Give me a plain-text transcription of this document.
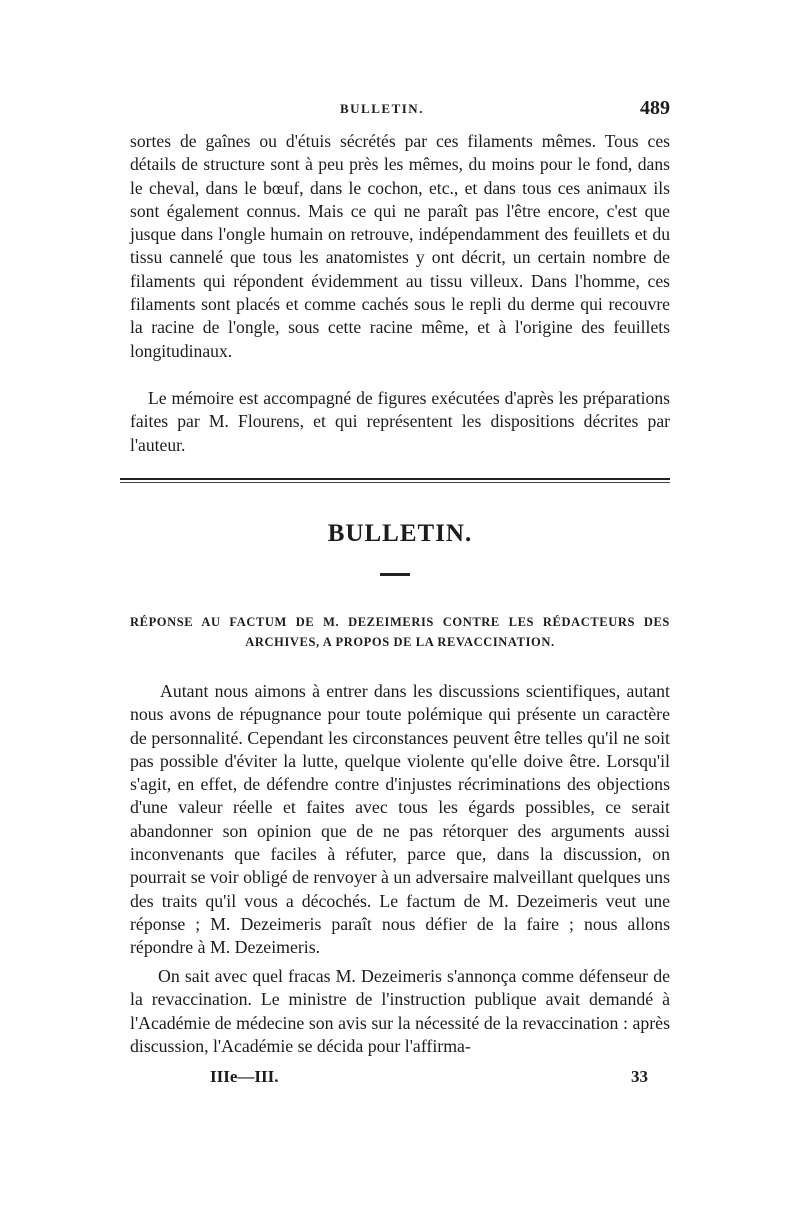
BULLETIN.	489

sortes de gaînes ou d'étuis sécrétés par ces filaments mêmes. Tous ces détails de structure sont à peu près les mêmes, du moins pour le fond, dans le cheval, dans le bœuf, dans le cochon, etc., et dans tous ces animaux ils sont également connus. Mais ce qui ne paraît pas l'être encore, c'est que jusque dans l'ongle humain on retrouve, indépendamment des feuillets et du tissu cannelé que tous les anatomistes y ont décrit, un certain nombre de filaments qui répondent évidemment au tissu villeux. Dans l'homme, ces filaments sont placés et comme cachés sous le repli du derme qui recouvre la racine de l'ongle, sous cette racine même, et à l'origine des feuillets longitudinaux.

Le mémoire est accompagné de figures exécutées d'après les préparations faites par M. Flourens, et qui représentent les dispositions décrites par l'auteur.

BULLETIN.

RÉPONSE AU FACTUM DE M. DEZEIMERIS CONTRE LES RÉDACTEURS DES ARCHIVES, A PROPOS DE LA REVACCINATION.

Autant nous aimons à entrer dans les discussions scientifiques, autant nous avons de répugnance pour toute polémique qui présente un caractère de personnalité. Cependant les circonstances peuvent être telles qu'il ne soit pas possible d'éviter la lutte, quelque violente qu'elle doive être. Lorsqu'il s'agit, en effet, de défendre contre d'injustes récriminations des objections d'une valeur réelle et faites avec tous les égards possibles, ce serait abandonner son opinion que de ne pas rétorquer des arguments aussi inconvenants que faciles à réfuter, parce que, dans la discussion, on pourrait se voir obligé de renvoyer à un adversaire malveillant quelques uns des traits qu'il vous a décochés. Le factum de M. Dezeimeris veut une réponse ; M. Dezeimeris paraît nous défier de la faire ; nous allons répondre à M. Dezeimeris.

On sait avec quel fracas M. Dezeimeris s'annonça comme défenseur de la revaccination. Le ministre de l'instruction publique avait demandé à l'Académie de médecine son avis sur la nécessité de la revaccination : après discussion, l'Académie se décida pour l'affirma-

IIIe—III.	33
